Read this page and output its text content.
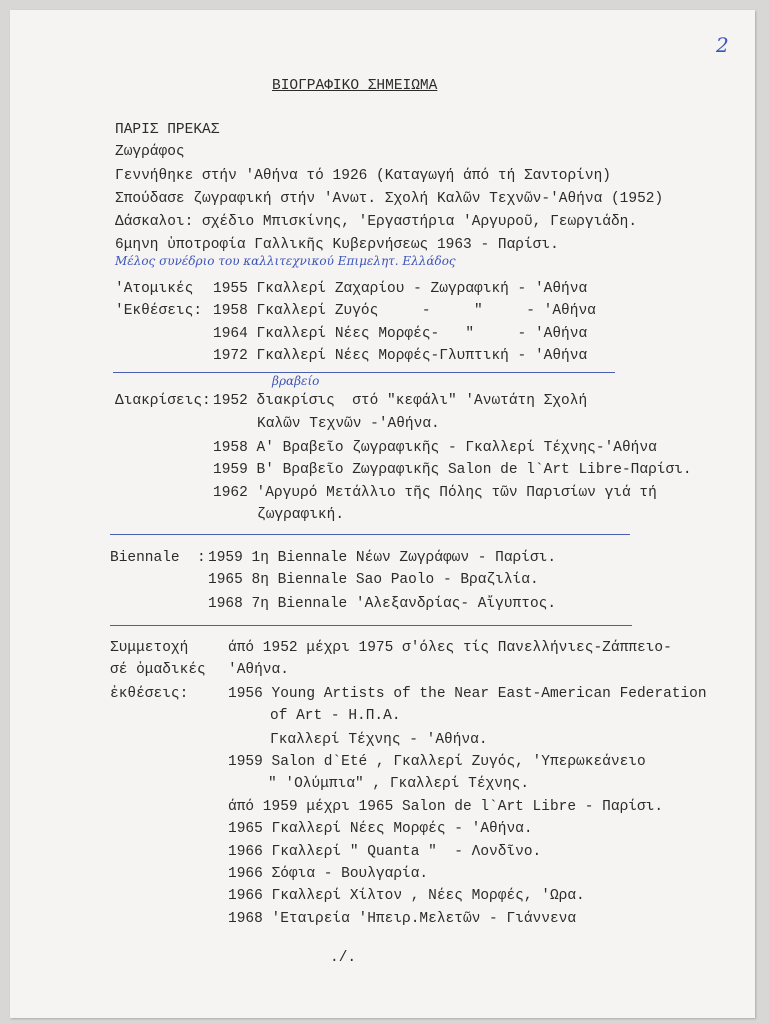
2
ΒΙΟΓΡΑΦΙΚΟ ΣΗΜΕΙΩΜΑ
ΠΑΡΙΣ ΠΡΕΚΑΣ
Ζωγράφος
Γεννήθηκε στήν 'Αθήνα τό 1926 (Καταγωγή άπό τή Σαντορίνη)
Σπούδασε ζωγραφική στήν 'Ανωτ. Σχολή Καλῶν Τεχνῶν-'Αθήνα (1952)
Δάσκαλοι: σχέδιο Μπισκίνης, 'Εργαστήρια 'Αργυροῦ, Γεωργιάδη.
6μηνη ὑποτροφία Γαλλικῆς Κυβερνήσεως 1963 - Παρίσι.
Μέλος συνέδριο του καλλιτεχνικού Επιμελητ. Ελλάδος
'Ατομικές
'Εκθέσεις:
1955 Γκαλλερί Ζαχαρίου - Ζωγραφική - 'Αθήνα
1958 Γκαλλερί Ζυγός     -     "     - 'Αθήνα
1964 Γκαλλερί Νέες Μορφές-   "     - 'Αθήνα
1972 Γκαλλερί Νέες Μορφές-Γλυπτική - 'Αθήνα
βραβείο
Διακρίσεις: 1952 διακρίσις  στό "κεφάλι" 'Ανωτάτη Σχολή
Καλῶν Τεχνῶν -'Αθήνα.
1958 Α' Βραβεῖο ζωγραφικῆς - Γκαλλερί Τέχνης-'Αθήνα
1959 Β' Βραβεῖο Ζωγραφικῆς Salon de l`Art Libre-Παρίσι.
1962 'Αργυρό Μετάλλιο τῆς Πόλης τῶν Παρισίων γιά τή
ζωγραφική.
Biennale  : 1959 1η Biennale Νέων Ζωγράφων - Παρίσι.
1965 8η Biennale Sao Paolo - Βραζιλία.
1968 7η Biennale 'Αλεξανδρίας- Αἴγυπτος.
Συμμετοχή
σέ ὁμαδικές
ἐκθέσεις:
άπό 1952 μέχρι 1975 σ'όλες τίς Πανελλήνιες-Ζάππειο-
'Αθήνα.
1956 Young Artists of the Near East-American Federation
of Art - Η.Π.Α.
Γκαλλερί Τέχνης - 'Αθήνα.
1959 Salon d`Eté , Γκαλλερί Ζυγός, 'Υπερωκεάνειο
" 'Ολύμπια" , Γκαλλερί Τέχνης.
άπό 1959 μέχρι 1965 Salon de l`Art Libre - Παρίσι.
1965 Γκαλλερί Νέες Μορφές - 'Αθήνα.
1966 Γκαλλερί " Quanta "  - Λονδῖνο.
1966 Σόφια - Βουλγαρία.
1966 Γκαλλερί Χίλτον , Νέες Μορφές, 'Ωρα.
1968 'Εταιρεία 'Ηπειρ.Μελετῶν - Γιάννενα
./.
